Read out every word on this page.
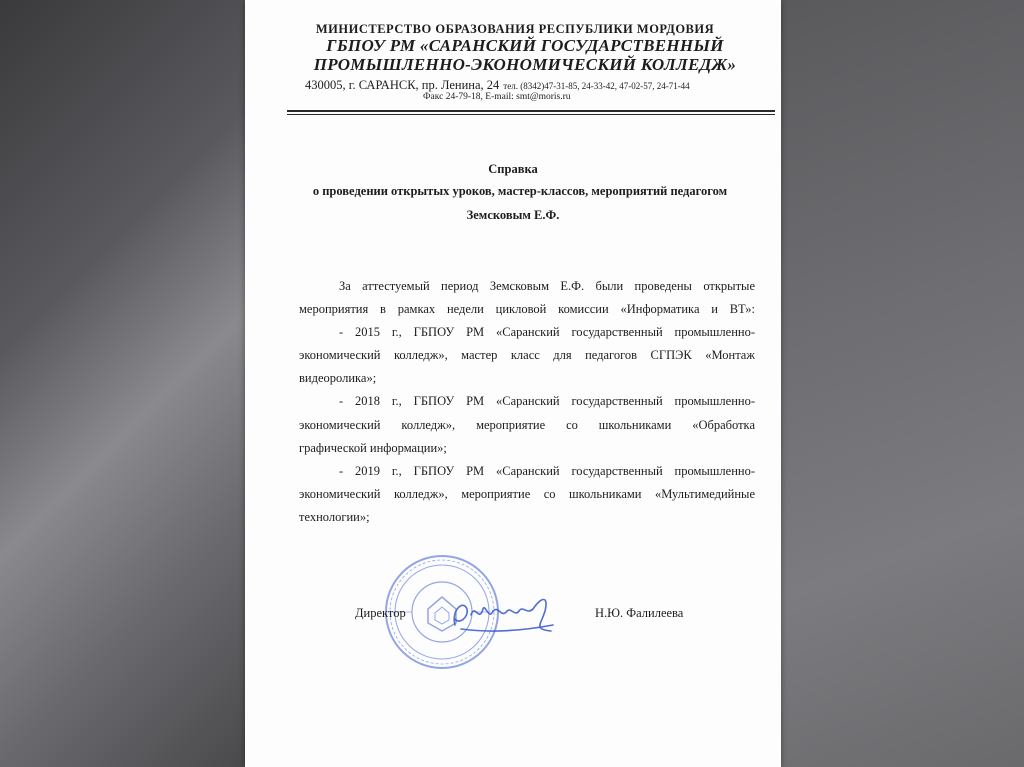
МИНИСТЕРСТВО ОБРАЗОВАНИЯ РЕСПУБЛИКИ МОРДОВИЯ
ГБПОУ РМ «САРАНСКИЙ ГОСУДАРСТВЕННЫЙ
ПРОМЫШЛЕННО-ЭКОНОМИЧЕСКИЙ КОЛЛЕДЖ»
430005, г. САРАНСК, пр. Ленина, 24 тел. (8342)47-31-85, 24-33-42, 47-02-57, 24-71-44
Факс 24-79-18, E-mail: smt@moris.ru
Справка
о проведении открытых уроков, мастер-классов, мероприятий педагогом
Земсковым Е.Ф.
За аттестуемый период Земсковым Е.Ф. были проведены открытые
мероприятия в рамках недели цикловой комиссии «Информатика и ВТ»:
- 2015 г., ГБПОУ РМ «Саранский государственный промышленно-
экономический колледж», мастер класс для педагогов СГПЭК «Монтаж
видеоролика»;
- 2018 г., ГБПОУ РМ «Саранский государственный промышленно-
экономический колледж», мероприятие со школьниками «Обработка
графической информации»;
- 2019 г., ГБПОУ РМ «Саранский государственный промышленно-
экономический колледж», мероприятие со школьниками «Мультимедийные
технологии»;
Директор	Н.Ю. Фалилеева
